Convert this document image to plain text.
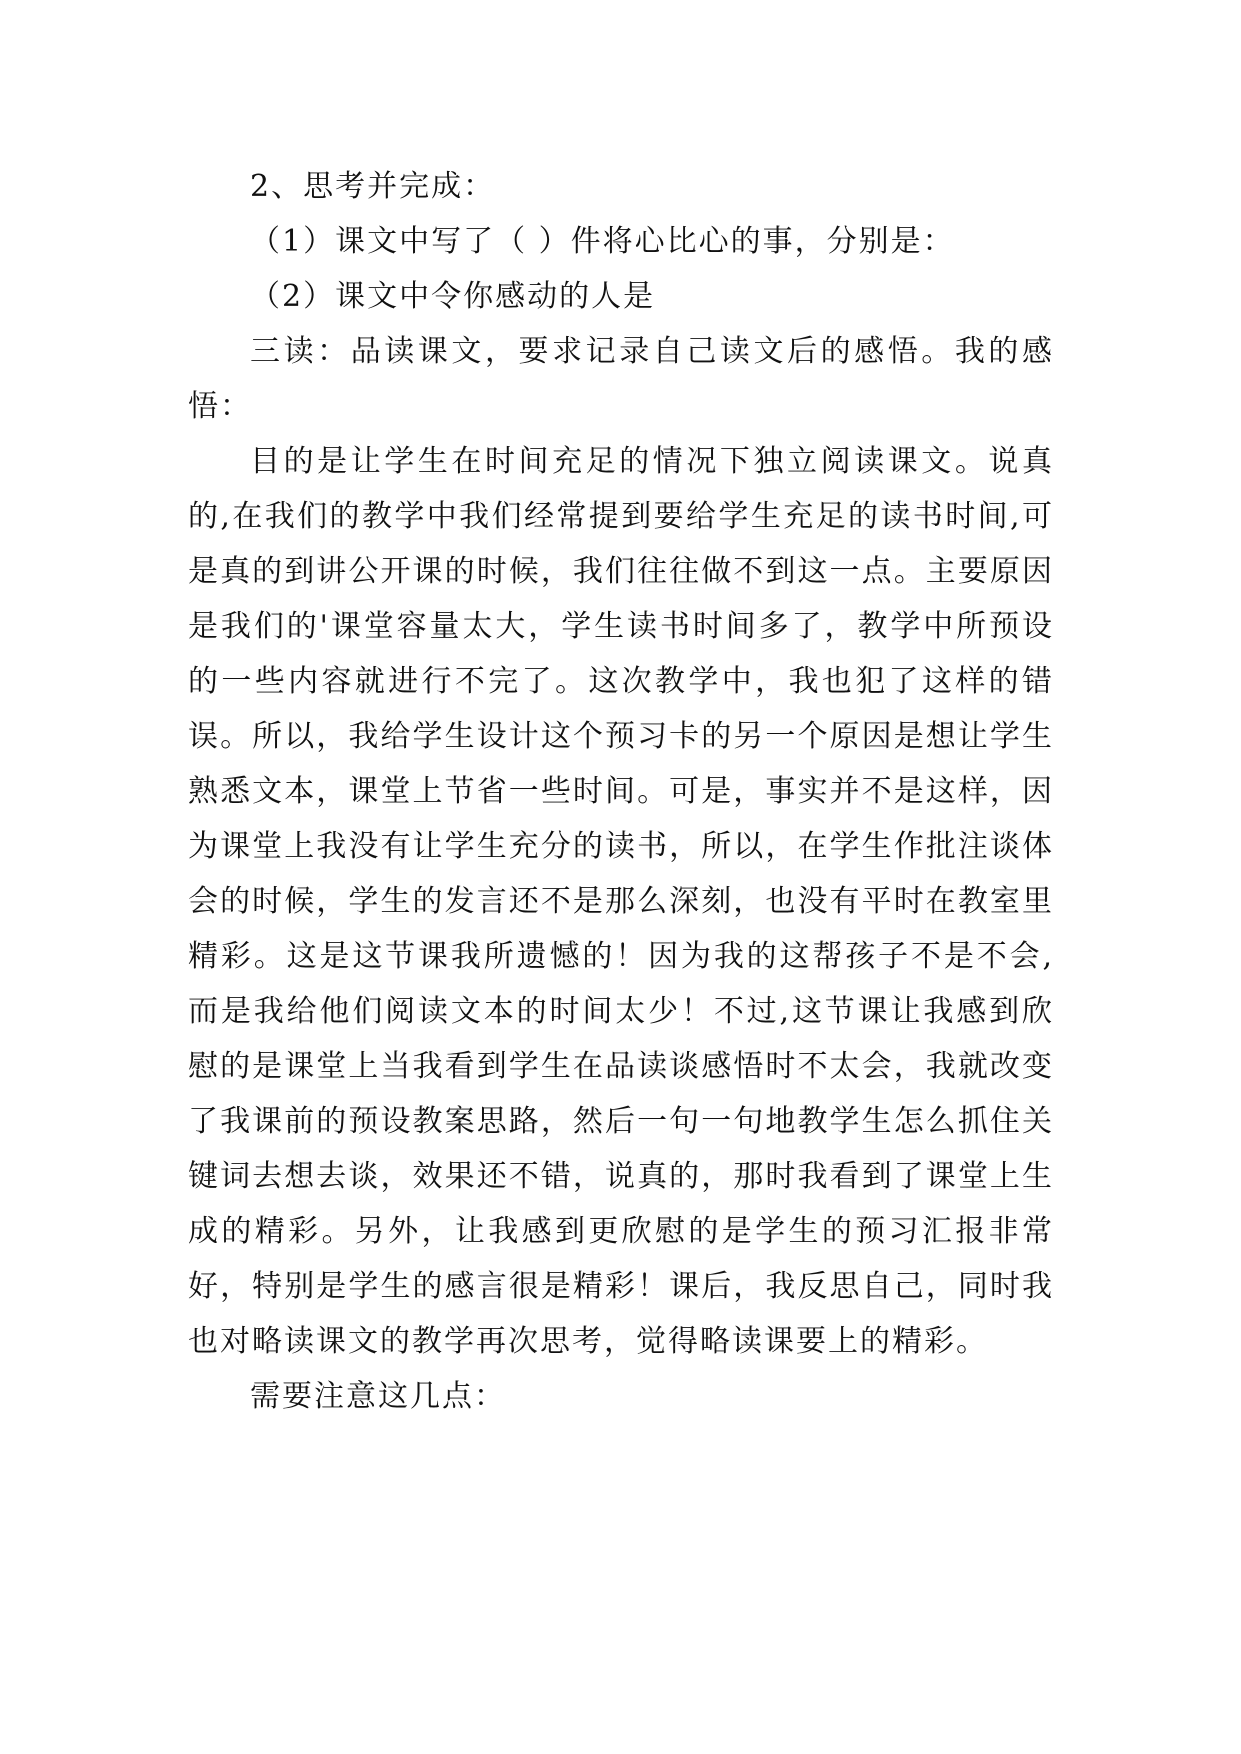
2、思考并完成：

（1）课文中写了（ ）件将心比心的事，分别是：

（2）课文中令你感动的人是

三读：品读课文，要求记录自己读文后的感悟。我的感悟：

目的是让学生在时间充足的情况下独立阅读课文。说真的,在我们的教学中我们经常提到要给学生充足的读书时间,可是真的到讲公开课的时候，我们往往做不到这一点。主要原因是我们的'课堂容量太大，学生读书时间多了，教学中所预设的一些内容就进行不完了。这次教学中，我也犯了这样的错误。所以，我给学生设计这个预习卡的另一个原因是想让学生熟悉文本，课堂上节省一些时间。可是，事实并不是这样，因为课堂上我没有让学生充分的读书，所以，在学生作批注谈体会的时候，学生的发言还不是那么深刻，也没有平时在教室里精彩。这是这节课我所遗憾的！因为我的这帮孩子不是不会,而是我给他们阅读文本的时间太少！不过,这节课让我感到欣慰的是课堂上当我看到学生在品读谈感悟时不太会，我就改变了我课前的预设教案思路，然后一句一句地教学生怎么抓住关键词去想去谈，效果还不错，说真的，那时我看到了课堂上生成的精彩。另外，让我感到更欣慰的是学生的预习汇报非常好，特别是学生的感言很是精彩！课后，我反思自己，同时我也对略读课文的教学再次思考，觉得略读课要上的精彩。

需要注意这几点：
